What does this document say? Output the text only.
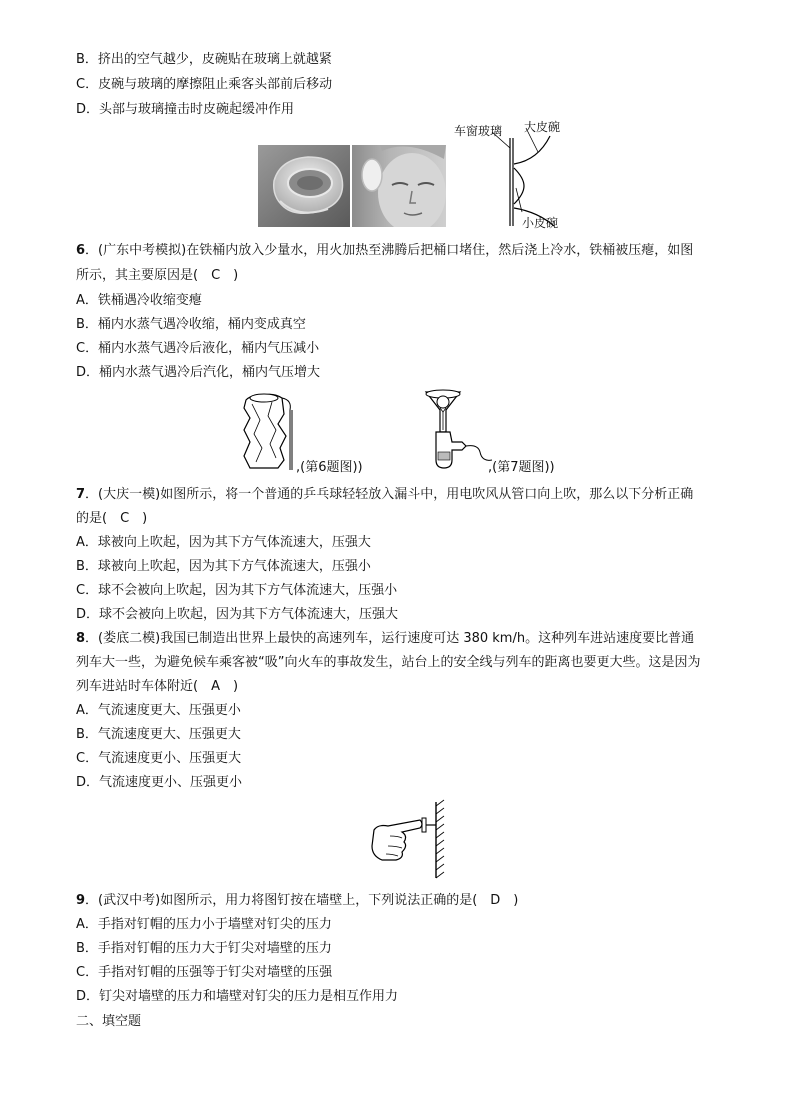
B．挤出的空气越少，皮碗贴在玻璃上就越紧
C．皮碗与玻璃的摩擦阻止乘客头部前后移动
D．头部与玻璃撞击时皮碗起缓冲作用
车窗玻璃 大皮碗
小皮碗
6．(广东中考模拟)在铁桶内放入少量水，用火加热至沸腾后把桶口堵住，然后浇上冷水，铁桶被压瘪，如图
所示，其主要原因是(　C　)
A．铁桶遇冷收缩变瘪
B．桶内水蒸气遇冷收缩，桶内变成真空
C．桶内水蒸气遇冷后液化，桶内气压减小
D．桶内水蒸气遇冷后汽化，桶内气压增大
,(第6题图))	,(第7题图))
7．(大庆一模)如图所示，将一个普通的乒乓球轻轻放入漏斗中，用电吹风从管口向上吹，那么以下分析正确
的是(　C　)
A．球被向上吹起，因为其下方气体流速大，压强大
B．球被向上吹起，因为其下方气体流速大，压强小
C．球不会被向上吹起，因为其下方气体流速大，压强小
D．球不会被向上吹起，因为其下方气体流速大，压强大
8．(娄底二模)我国已制造出世界上最快的高速列车，运行速度可达 380 km/h。这种列车进站速度要比普通
列车大一些，为避免候车乘客被“吸”向火车的事故发生，站台上的安全线与列车的距离也要更大些。这是因为
列车进站时车体附近(　A　)
A．气流速度更大、压强更小
B．气流速度更大、压强更大
C．气流速度更小、压强更大
D．气流速度更小、压强更小
9．(武汉中考)如图所示，用力将图钉按在墙壁上，下列说法正确的是(　D　)
A．手指对钉帽的压力小于墙壁对钉尖的压力
B．手指对钉帽的压力大于钉尖对墙壁的压力
C．手指对钉帽的压强等于钉尖对墙壁的压强
D．钉尖对墙壁的压力和墙壁对钉尖的压力是相互作用力
二、填空题
